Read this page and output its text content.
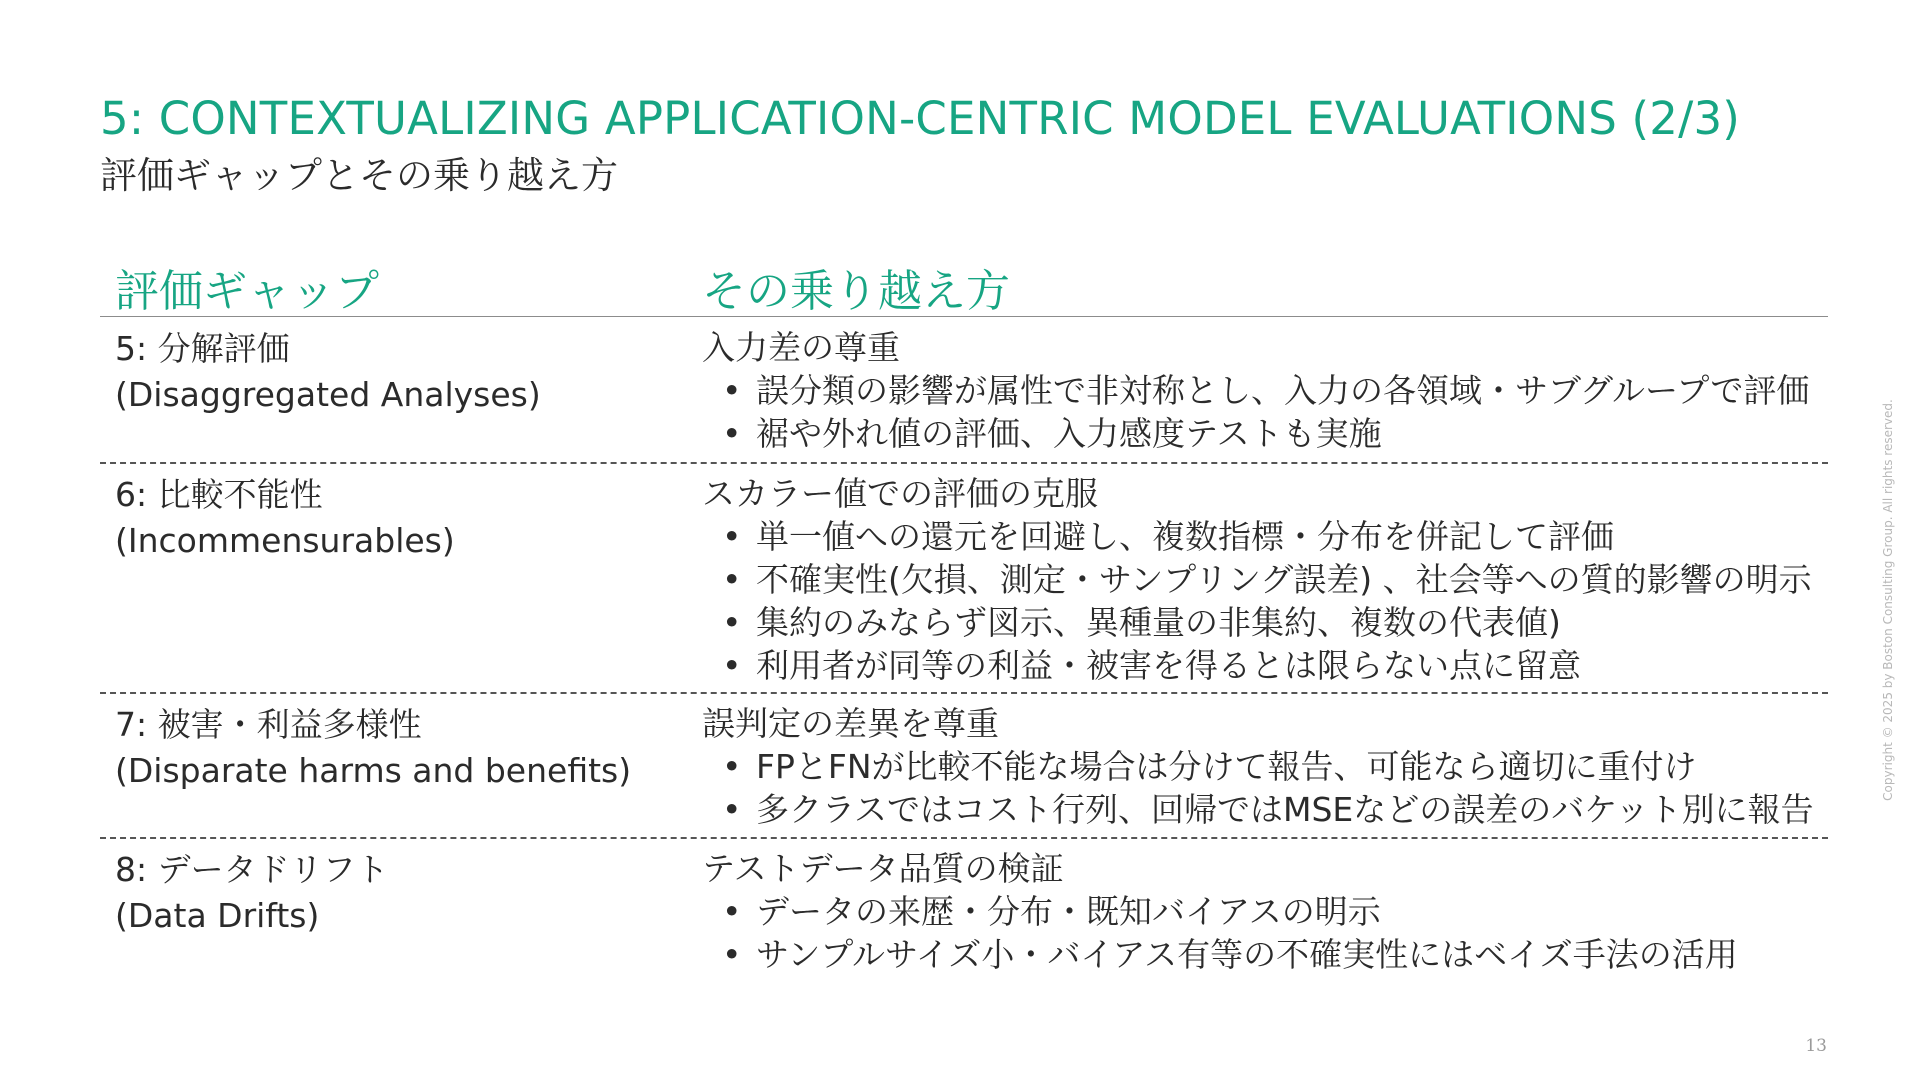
5: CONTEXTUALIZING APPLICATION-CENTRIC MODEL EVALUATIONS (2/3)
評価ギャップとその乗り越え方
評価ギャップ	その乗り越え方
5: 分解評価
(Disaggregated Analyses)
入力差の尊重
• 誤分類の影響が属性で非対称とし、入力の各領域・サブグループで評価
• 裾や外れ値の評価、入力感度テストも実施
6: 比較不能性
(Incommensurables)
スカラー値での評価の克服
• 単一値への還元を回避し、複数指標・分布を併記して評価
• 不確実性(欠損、測定・サンプリング誤差) 、社会等への質的影響の明示
• 集約のみならず図示、異種量の非集約、複数の代表値)
• 利用者が同等の利益・被害を得るとは限らない点に留意
7: 被害・利益多様性
(Disparate harms and benefits)
誤判定の差異を尊重
• FPとFNが比較不能な場合は分けて報告、可能なら適切に重付け
• 多クラスではコスト行列、回帰ではMSEなどの誤差のバケット別に報告
8: データドリフト
(Data Drifts)
テストデータ品質の検証
• データの来歴・分布・既知バイアスの明示
• サンプルサイズ小・バイアス有等の不確実性にはベイズ手法の活用
Copyright © 2025 by Boston Consulting Group. All rights reserved.
13
